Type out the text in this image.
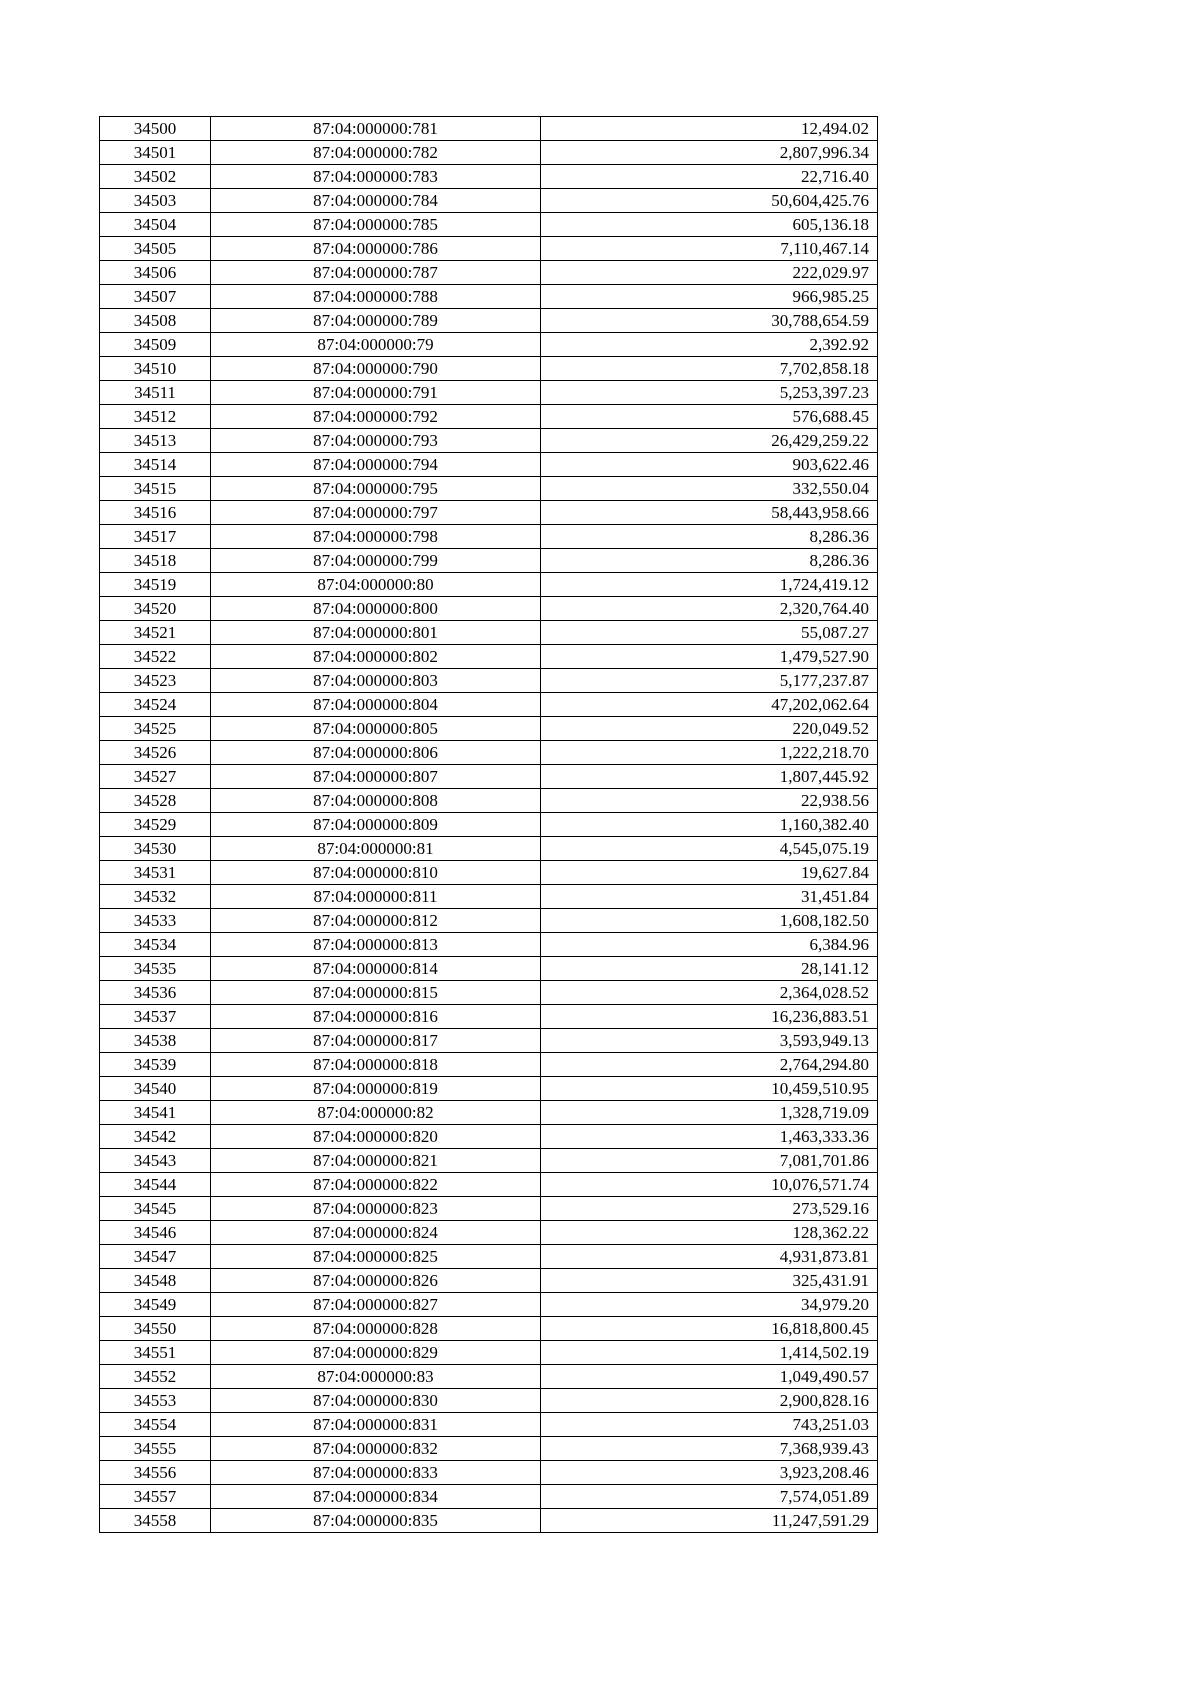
34500	87:04:000000:781	12,494.02
34501	87:04:000000:782	2,807,996.34
34502	87:04:000000:783	22,716.40
34503	87:04:000000:784	50,604,425.76
34504	87:04:000000:785	605,136.18
34505	87:04:000000:786	7,110,467.14
34506	87:04:000000:787	222,029.97
34507	87:04:000000:788	966,985.25
34508	87:04:000000:789	30,788,654.59
34509	87:04:000000:79	2,392.92
34510	87:04:000000:790	7,702,858.18
34511	87:04:000000:791	5,253,397.23
34512	87:04:000000:792	576,688.45
34513	87:04:000000:793	26,429,259.22
34514	87:04:000000:794	903,622.46
34515	87:04:000000:795	332,550.04
34516	87:04:000000:797	58,443,958.66
34517	87:04:000000:798	8,286.36
34518	87:04:000000:799	8,286.36
34519	87:04:000000:80	1,724,419.12
34520	87:04:000000:800	2,320,764.40
34521	87:04:000000:801	55,087.27
34522	87:04:000000:802	1,479,527.90
34523	87:04:000000:803	5,177,237.87
34524	87:04:000000:804	47,202,062.64
34525	87:04:000000:805	220,049.52
34526	87:04:000000:806	1,222,218.70
34527	87:04:000000:807	1,807,445.92
34528	87:04:000000:808	22,938.56
34529	87:04:000000:809	1,160,382.40
34530	87:04:000000:81	4,545,075.19
34531	87:04:000000:810	19,627.84
34532	87:04:000000:811	31,451.84
34533	87:04:000000:812	1,608,182.50
34534	87:04:000000:813	6,384.96
34535	87:04:000000:814	28,141.12
34536	87:04:000000:815	2,364,028.52
34537	87:04:000000:816	16,236,883.51
34538	87:04:000000:817	3,593,949.13
34539	87:04:000000:818	2,764,294.80
34540	87:04:000000:819	10,459,510.95
34541	87:04:000000:82	1,328,719.09
34542	87:04:000000:820	1,463,333.36
34543	87:04:000000:821	7,081,701.86
34544	87:04:000000:822	10,076,571.74
34545	87:04:000000:823	273,529.16
34546	87:04:000000:824	128,362.22
34547	87:04:000000:825	4,931,873.81
34548	87:04:000000:826	325,431.91
34549	87:04:000000:827	34,979.20
34550	87:04:000000:828	16,818,800.45
34551	87:04:000000:829	1,414,502.19
34552	87:04:000000:83	1,049,490.57
34553	87:04:000000:830	2,900,828.16
34554	87:04:000000:831	743,251.03
34555	87:04:000000:832	7,368,939.43
34556	87:04:000000:833	3,923,208.46
34557	87:04:000000:834	7,574,051.89
34558	87:04:000000:835	11,247,591.29
